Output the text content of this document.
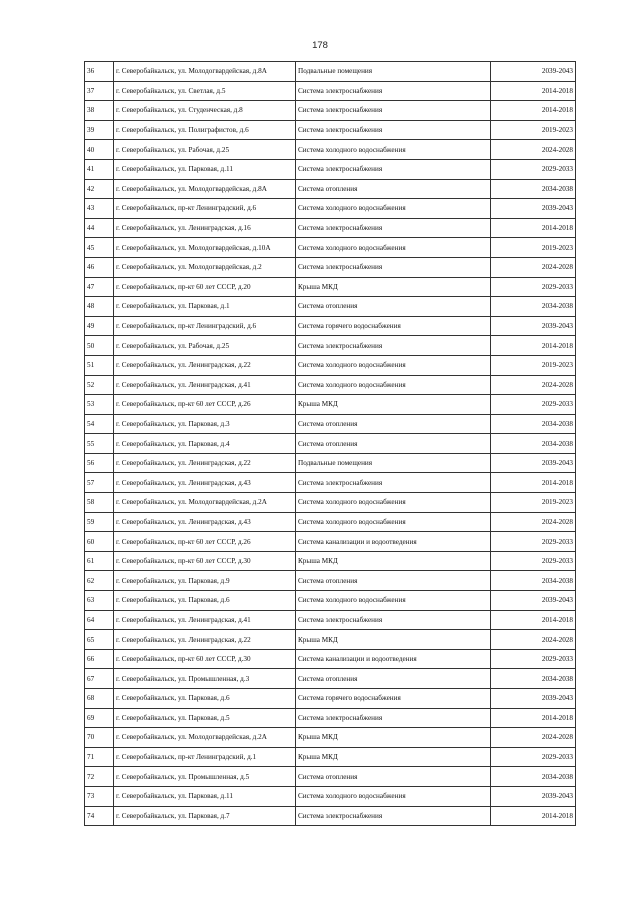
178
36	г. Северобайкальск, ул. Молодогвардейская, д.8А	Подвальные помещения	2039-2043
37	г. Северобайкальск, ул. Светлая, д.5	Система электроснабжения	2014-2018
38	г. Северобайкальск, ул. Студенческая, д.8	Система электроснабжения	2014-2018
39	г. Северобайкальск, ул. Полиграфистов, д.6	Система электроснабжения	2019-2023
40	г. Северобайкальск, ул. Рабочая, д.25	Система холодного водоснабжения	2024-2028
41	г. Северобайкальск, ул. Парковая, д.11	Система электроснабжения	2029-2033
42	г. Северобайкальск, ул. Молодогвардейская, д.8А	Система отопления	2034-2038
43	г. Северобайкальск, пр-кт Ленинградский, д.6	Система холодного водоснабжения	2039-2043
44	г. Северобайкальск, ул. Ленинградская, д.16	Система электроснабжения	2014-2018
45	г. Северобайкальск, ул. Молодогвардейская, д.10А	Система холодного водоснабжения	2019-2023
46	г. Северобайкальск, ул. Молодогвардейская, д.2	Система электроснабжения	2024-2028
47	г. Северобайкальск, пр-кт 60 лет СССР, д.20	Крыша МКД	2029-2033
48	г. Северобайкальск, ул. Парковая, д.1	Система отопления	2034-2038
49	г. Северобайкальск, пр-кт Ленинградский, д.6	Система горячего водоснабжения	2039-2043
50	г. Северобайкальск, ул. Рабочая, д.25	Система электроснабжения	2014-2018
51	г. Северобайкальск, ул. Ленинградская, д.22	Система холодного водоснабжения	2019-2023
52	г. Северобайкальск, ул. Ленинградская, д.41	Система холодного водоснабжения	2024-2028
53	г. Северобайкальск, пр-кт 60 лет СССР, д.26	Крыша МКД	2029-2033
54	г. Северобайкальск, ул. Парковая, д.3	Система отопления	2034-2038
55	г. Северобайкальск, ул. Парковая, д.4	Система отопления	2034-2038
56	г. Северобайкальск, ул. Ленинградская, д.22	Подвальные помещения	2039-2043
57	г. Северобайкальск, ул. Ленинградская, д.43	Система электроснабжения	2014-2018
58	г. Северобайкальск, ул. Молодогвардейская, д.2А	Система холодного водоснабжения	2019-2023
59	г. Северобайкальск, ул. Ленинградская, д.43	Система холодного водоснабжения	2024-2028
60	г. Северобайкальск, пр-кт 60 лет СССР, д.26	Система канализации и водоотведения	2029-2033
61	г. Северобайкальск, пр-кт 60 лет СССР, д.30	Крыша МКД	2029-2033
62	г. Северобайкальск, ул. Парковая, д.9	Система отопления	2034-2038
63	г. Северобайкальск, ул. Парковая, д.6	Система холодного водоснабжения	2039-2043
64	г. Северобайкальск, ул. Ленинградская, д.41	Система электроснабжения	2014-2018
65	г. Северобайкальск, ул. Ленинградская, д.22	Крыша МКД	2024-2028
66	г. Северобайкальск, пр-кт 60 лет СССР, д.30	Система канализации и водоотведения	2029-2033
67	г. Северобайкальск, ул. Промышленная, д.3	Система отопления	2034-2038
68	г. Северобайкальск, ул. Парковая, д.6	Система горячего водоснабжения	2039-2043
69	г. Северобайкальск, ул. Парковая, д.5	Система электроснабжения	2014-2018
70	г. Северобайкальск, ул. Молодогвардейская, д.2А	Крыша МКД	2024-2028
71	г. Северобайкальск, пр-кт Ленинградский, д.1	Крыша МКД	2029-2033
72	г. Северобайкальск, ул. Промышленная, д.5	Система отопления	2034-2038
73	г. Северобайкальск, ул. Парковая, д.11	Система холодного водоснабжения	2039-2043
74	г. Северобайкальск, ул. Парковая, д.7	Система электроснабжения	2014-2018
